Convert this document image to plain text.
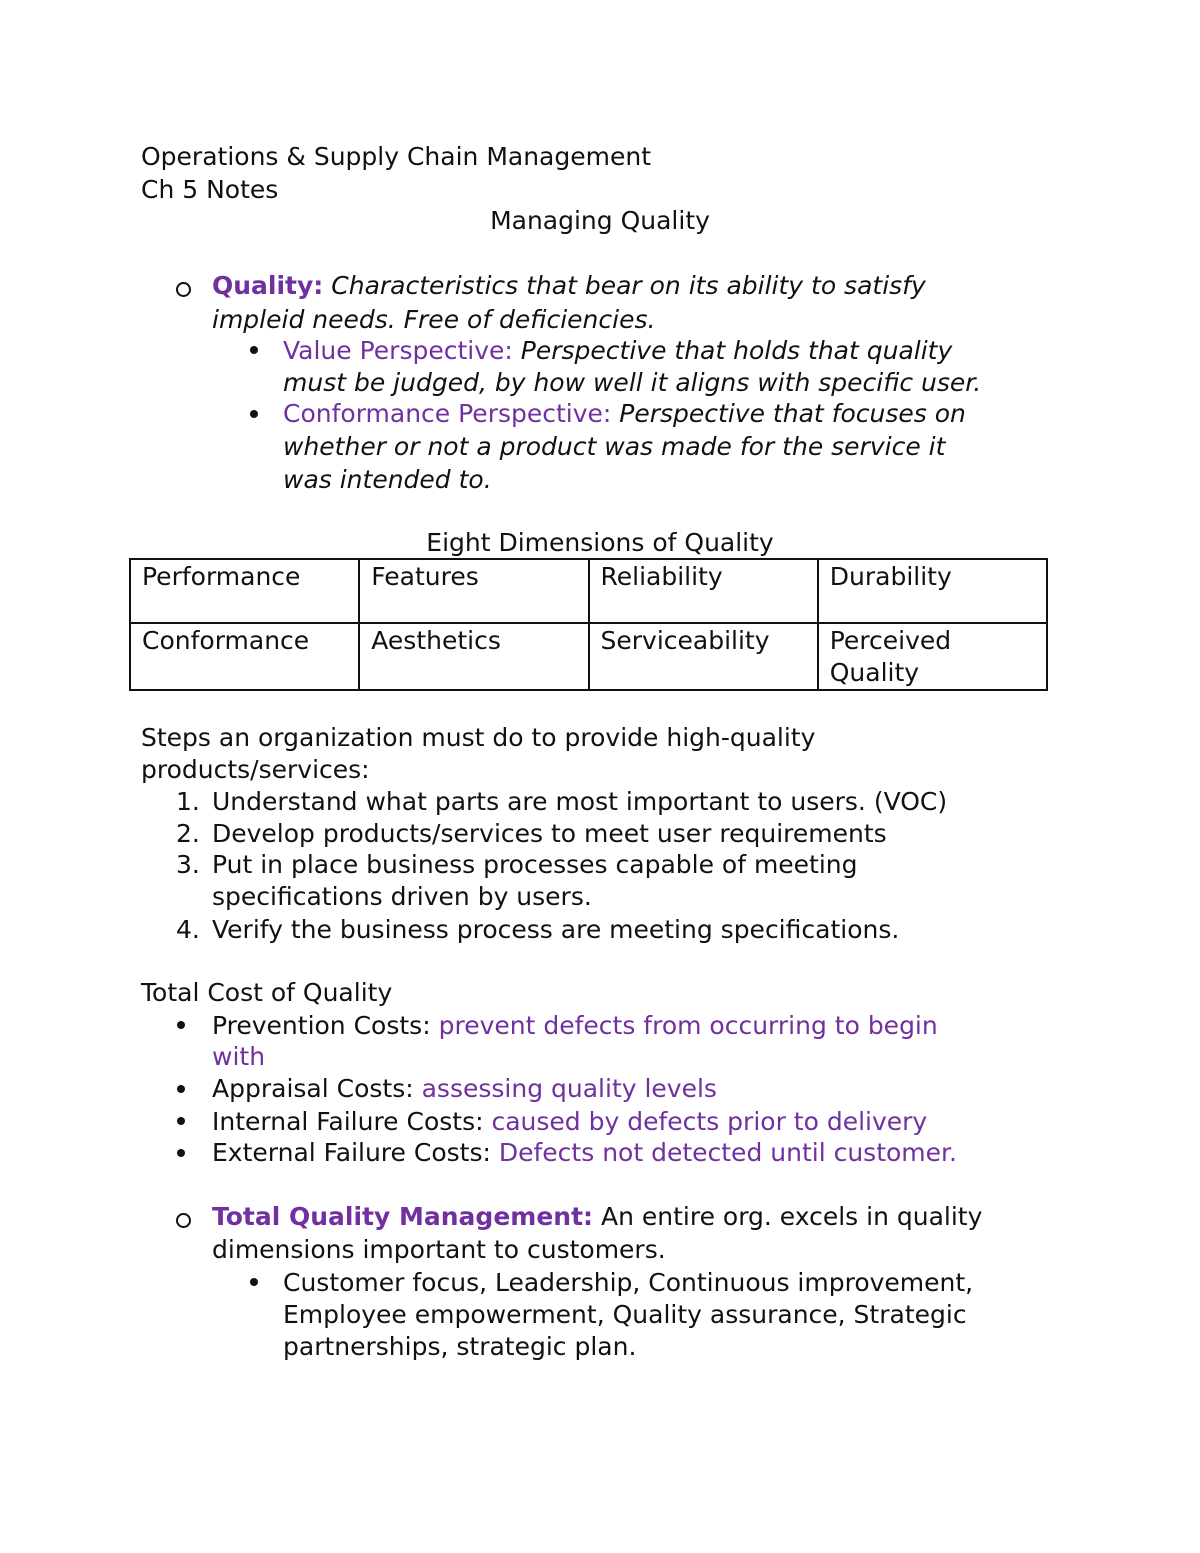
Operations & Supply Chain Management
Ch 5 Notes
Managing Quality
Quality: Characteristics that bear on its ability to satisfy
impleid needs. Free of deficiencies.
Value Perspective: Perspective that holds that quality
must be judged, by how well it aligns with specific user.
Conformance Perspective: Perspective that focuses on
whether or not a product was made for the service it
was intended to.
Eight Dimensions of Quality
Performance	Features	Reliability	Durability
Conformance	Aesthetics	Serviceability	Perceived Quality
Steps an organization must do to provide high-quality
products/services:
1. Understand what parts are most important to users. (VOC)
2. Develop products/services to meet user requirements
3. Put in place business processes capable of meeting
specifications driven by users.
4. Verify the business process are meeting specifications.
Total Cost of Quality
Prevention Costs: prevent defects from occurring to begin
with
Appraisal Costs: assessing quality levels
Internal Failure Costs: caused by defects prior to delivery
External Failure Costs: Defects not detected until customer.
Total Quality Management: An entire org. excels in quality
dimensions important to customers.
Customer focus, Leadership, Continuous improvement,
Employee empowerment, Quality assurance, Strategic
partnerships, strategic plan.
